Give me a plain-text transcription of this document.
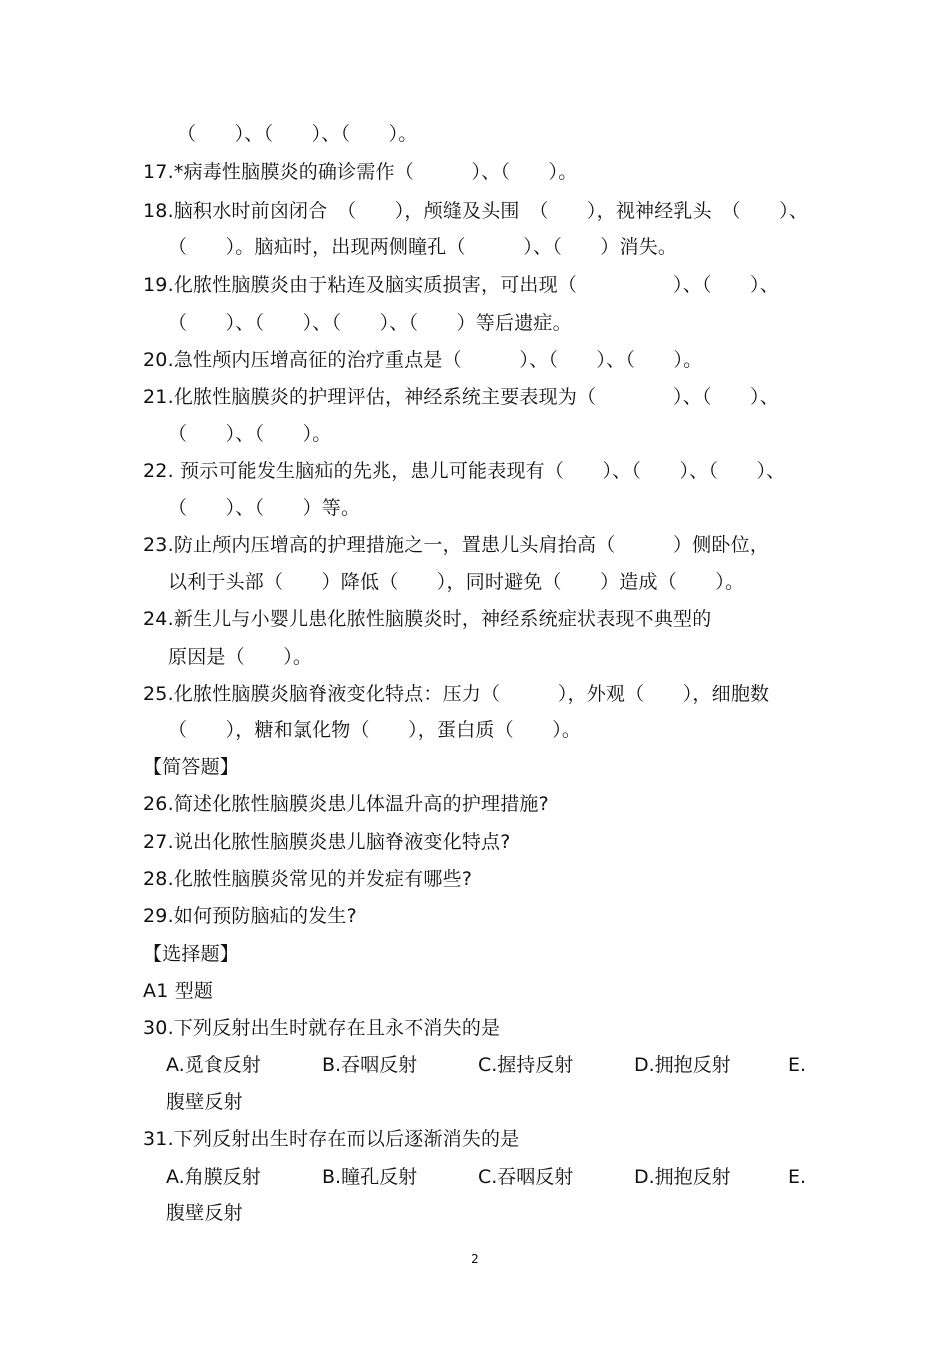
（　　）、（　　）、（　　）。
17.*病毒性脑膜炎的确诊需作（　　　）、（　　）。
18.脑积水时前囟闭合　（　　），颅缝及头围　（　　），视神经乳头　（　　）、
（　　）。脑疝时，出现两侧瞳孔（　　　）、（　　）消失。
19.化脓性脑膜炎由于粘连及脑实质损害，可出现（　　　　　）、（　　）、
（　　）、（　　）、（　　）、（　　）等后遗症。
20.急性颅内压增高征的治疗重点是（　　　）、（　　）、（　　）。
21.化脓性脑膜炎的护理评估，神经系统主要表现为（　　　　）、（　　）、
（　　）、（　　）。
22. 预示可能发生脑疝的先兆，患儿可能表现有（　　）、（　　）、（　　）、
（　　）、（　　）等。
23.防止颅内压增高的护理措施之一，置患儿头肩抬高（　　　）侧卧位，
以利于头部（　　）降低（　　），同时避免（　　）造成（　　）。
24.新生儿与小婴儿患化脓性脑膜炎时，神经系统症状表现不典型的
原因是（　　）。
25.化脓性脑膜炎脑脊液变化特点：压力（　　　），外观（　　），细胞数
（　　），糖和氯化物（　　），蛋白质（　　）。
【简答题】
26.简述化脓性脑膜炎患儿体温升高的护理措施?
27.说出化脓性脑膜炎患儿脑脊液变化特点?
28.化脓性脑膜炎常见的并发症有哪些?
29.如何预防脑疝的发生?
【选择题】
A1 型题
30.下列反射出生时就存在且永不消失的是
A.觅食反射	B.吞咽反射	C.握持反射	D.拥抱反射	E.
腹壁反射
31.下列反射出生时存在而以后逐渐消失的是
A.角膜反射	B.瞳孔反射	C.吞咽反射	D.拥抱反射	E.
腹壁反射
2
